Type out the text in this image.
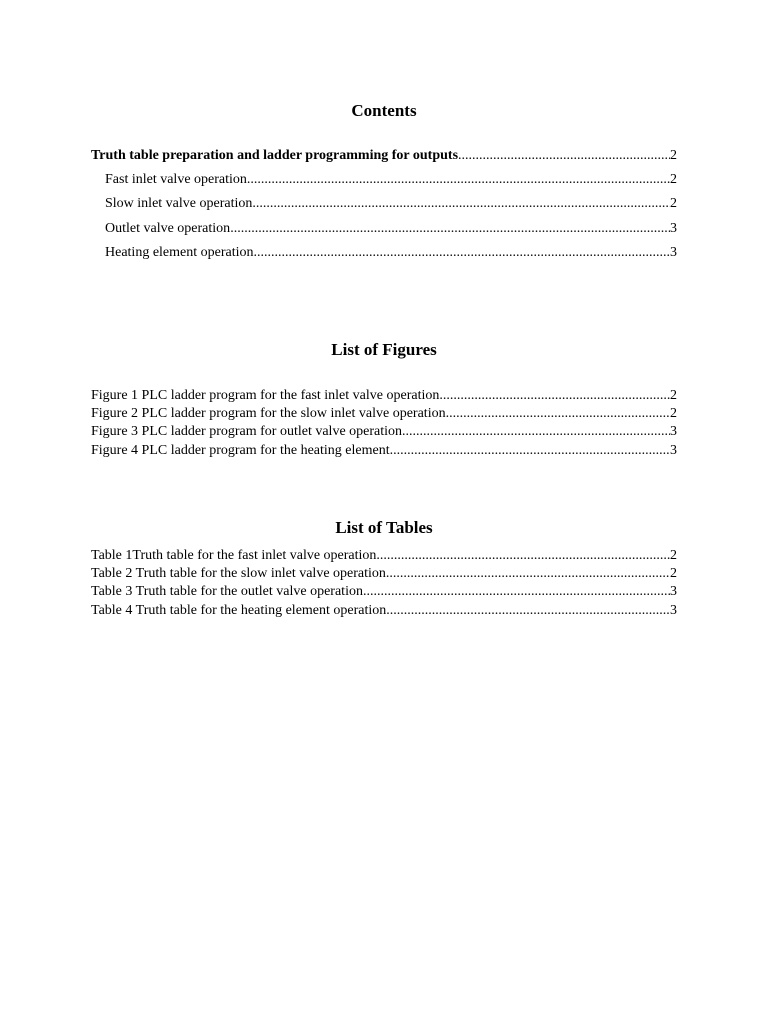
Contents
Truth table preparation and ladder programming for outputs .....	2
Fast inlet valve operation .....	2
Slow inlet valve operation .....	2
Outlet valve operation .....	3
Heating element operation .....	3
List of Figures
Figure 1 PLC ladder program for the fast inlet valve operation .....	2
Figure 2 PLC ladder program for the slow inlet valve operation .....	2
Figure 3 PLC ladder program for outlet valve operation .....	3
Figure 4 PLC ladder program for the heating element .....	3
List of Tables
Table 1Truth table for the fast inlet valve operation .....	2
Table 2 Truth table for the slow inlet valve operation .....	2
Table 3 Truth table for the outlet valve operation .....	3
Table 4 Truth table for the heating element operation .....	3
